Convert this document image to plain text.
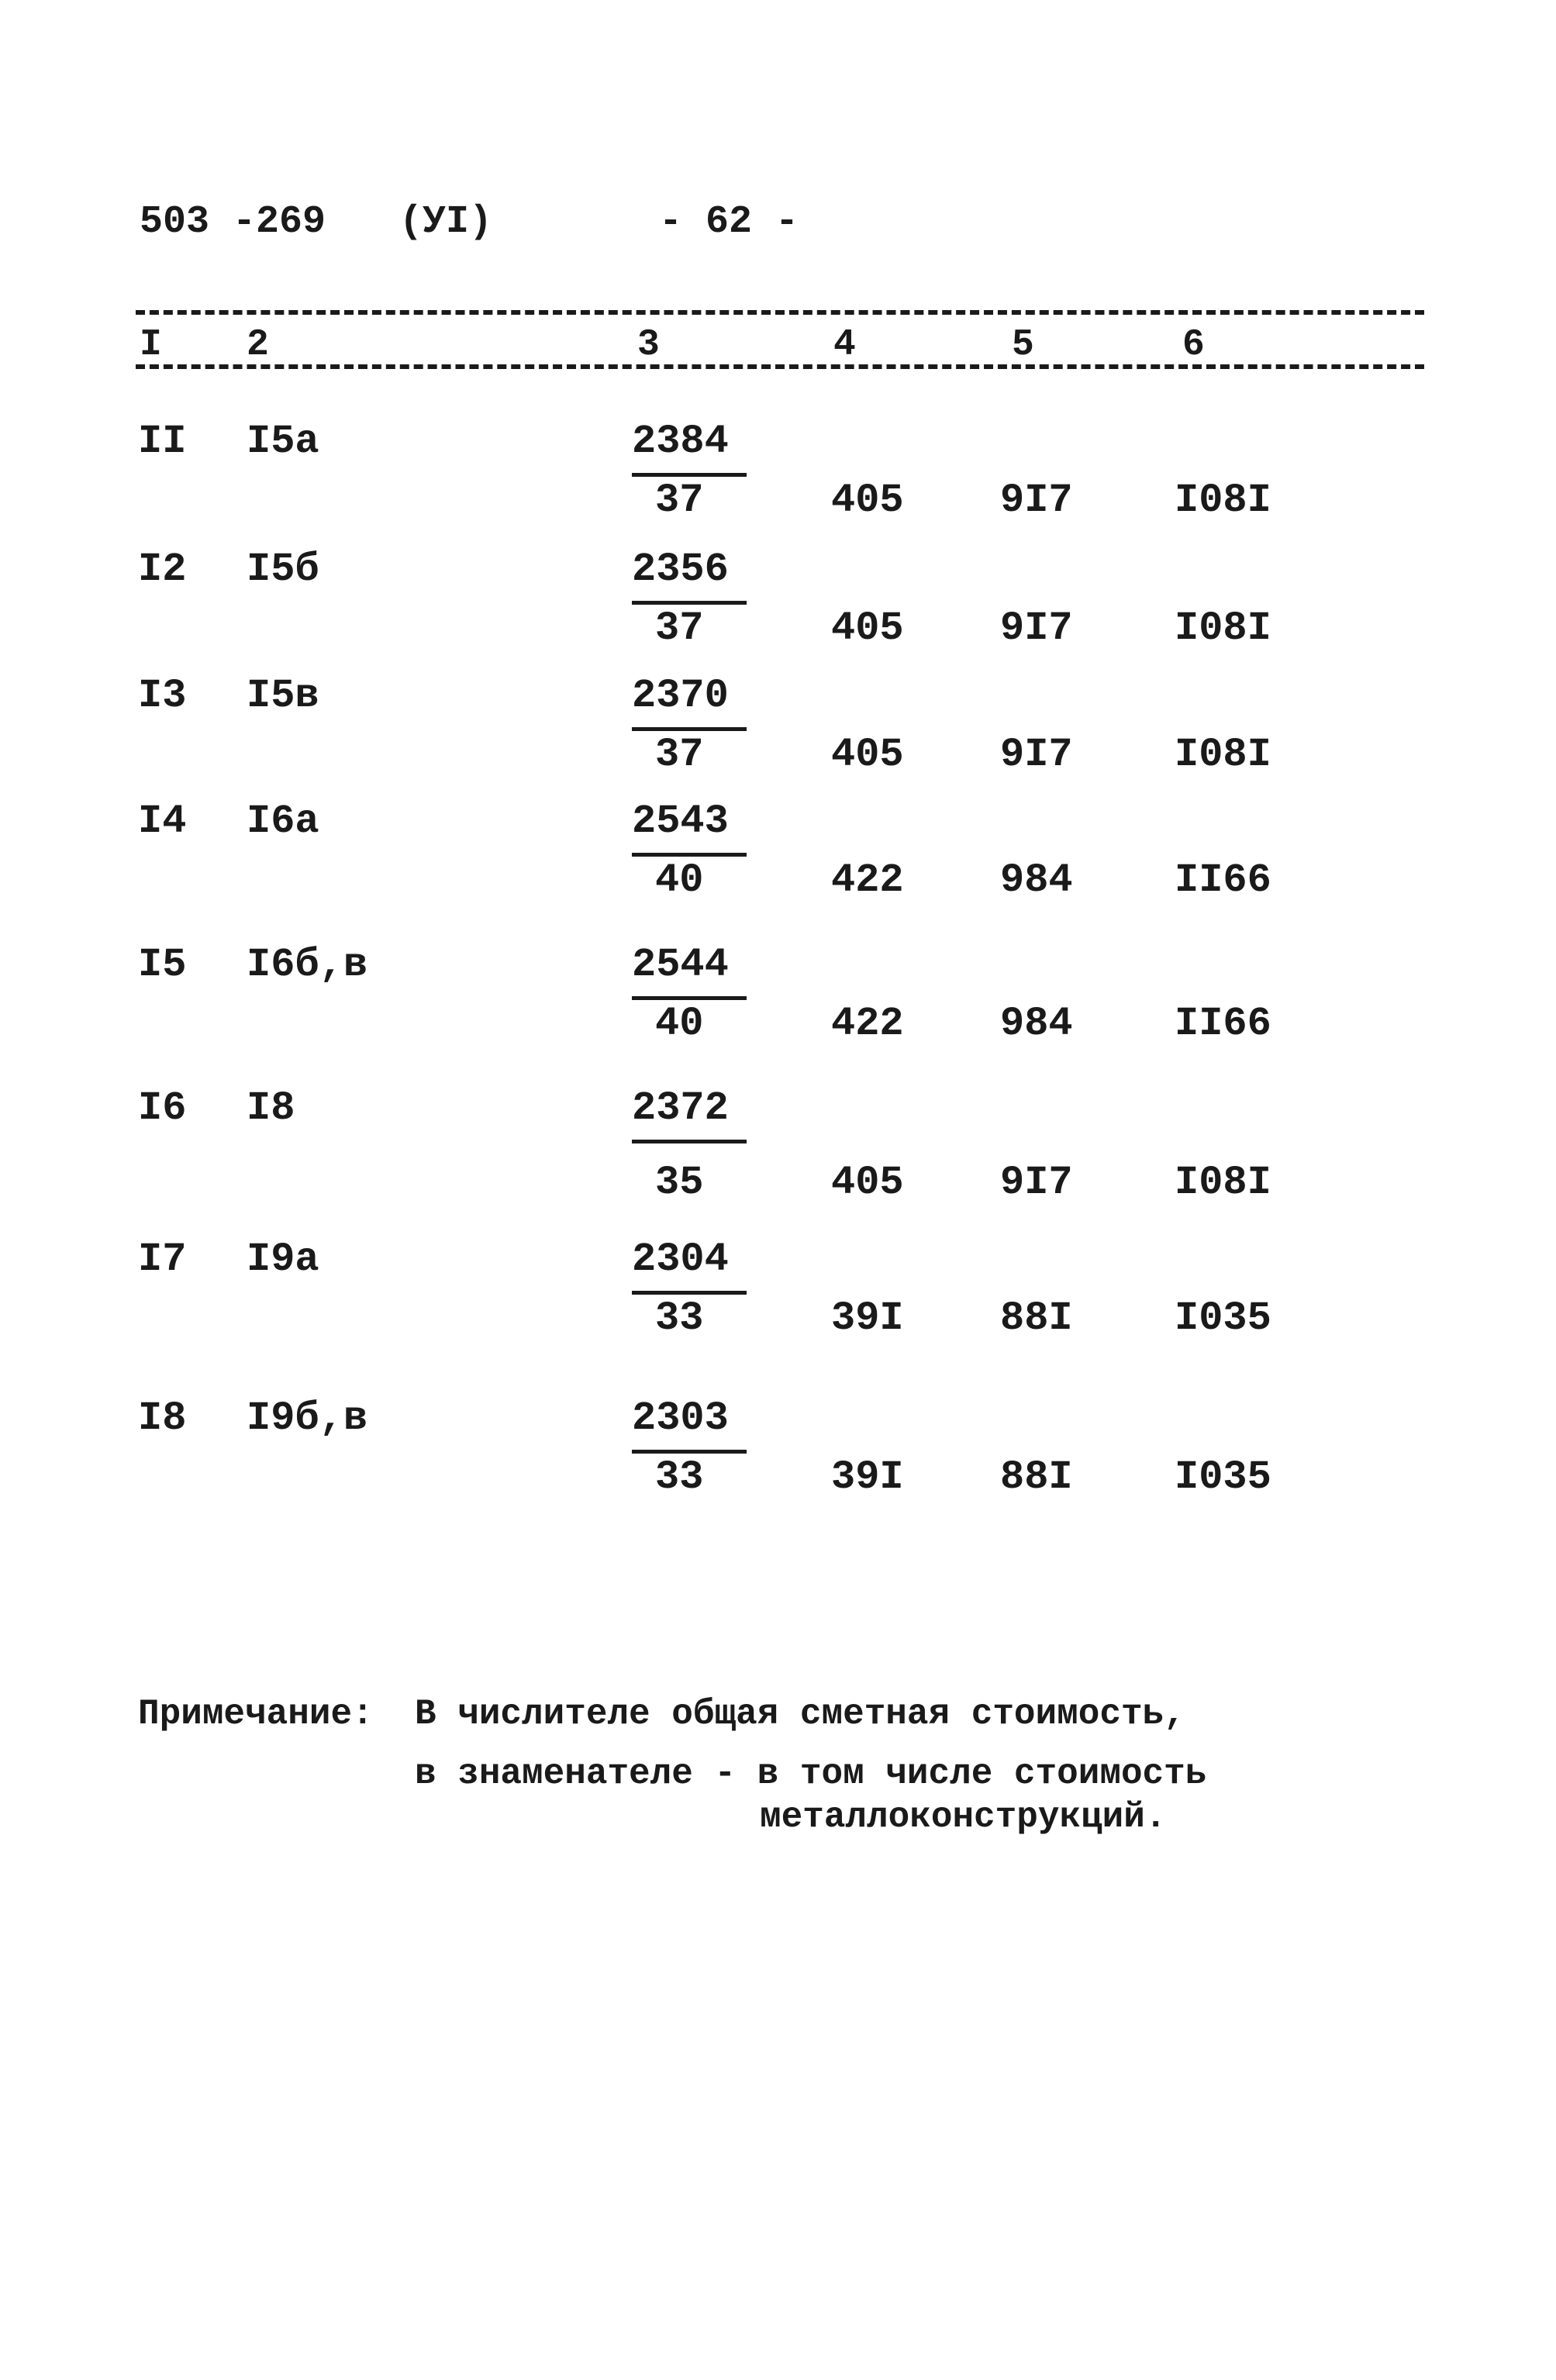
503 -269 (УI)	- 62 -
I 2	3	4	5	6
II I5a	2384
37	405 9I7	I08I
I2 I5б	2356
37	405 9I7	I08I
I3 I5в	2370
37	405 9I7	I08I
I4 I6a	2543
40	422 984	II66
I5 I6б,в	2544
40	422 984	II66
I6 I8	2372
35	405 9I7	I08I
I7 I9a	2304
33	39I 88I	I035
I8 I9б,в	2303
33	39I 88I	I035
Примечание: В числителе общая сметная стоимость,
в знаменателе - в том числе стоимость
металлоконструкций.
